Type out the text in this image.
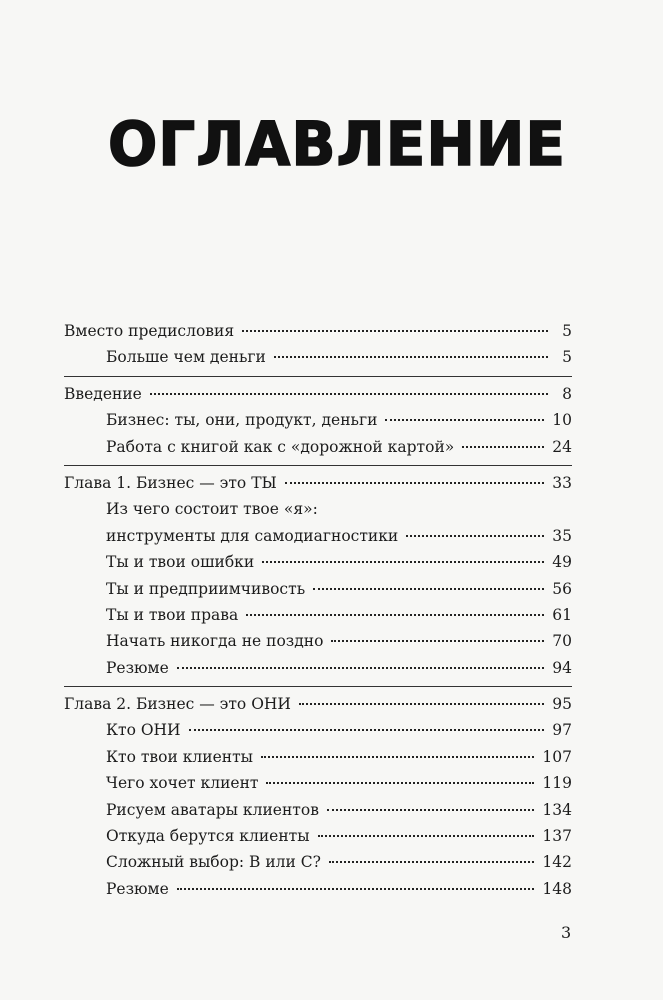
ОГЛАВЛЕНИЕ
Вместо предисловия	5
Больше чем деньги	5
Введение	8
Бизнес: ты, они, продукт, деньги	10
Работа с книгой как с «дорожной картой»	24
Глава 1. Бизнес — это ТЫ	33
Из чего состоит твое «я»:
инструменты для самодиагностики	35
Ты и твои ошибки	49
Ты и предприимчивость	56
Ты и твои права	61
Начать никогда не поздно	70
Резюме	94
Глава 2. Бизнес — это ОНИ	95
Кто ОНИ	97
Кто твои клиенты	107
Чего хочет клиент	119
Рисуем аватары клиентов	134
Откуда берутся клиенты	137
Сложный выбор: B или C?	142
Резюме	148
3
